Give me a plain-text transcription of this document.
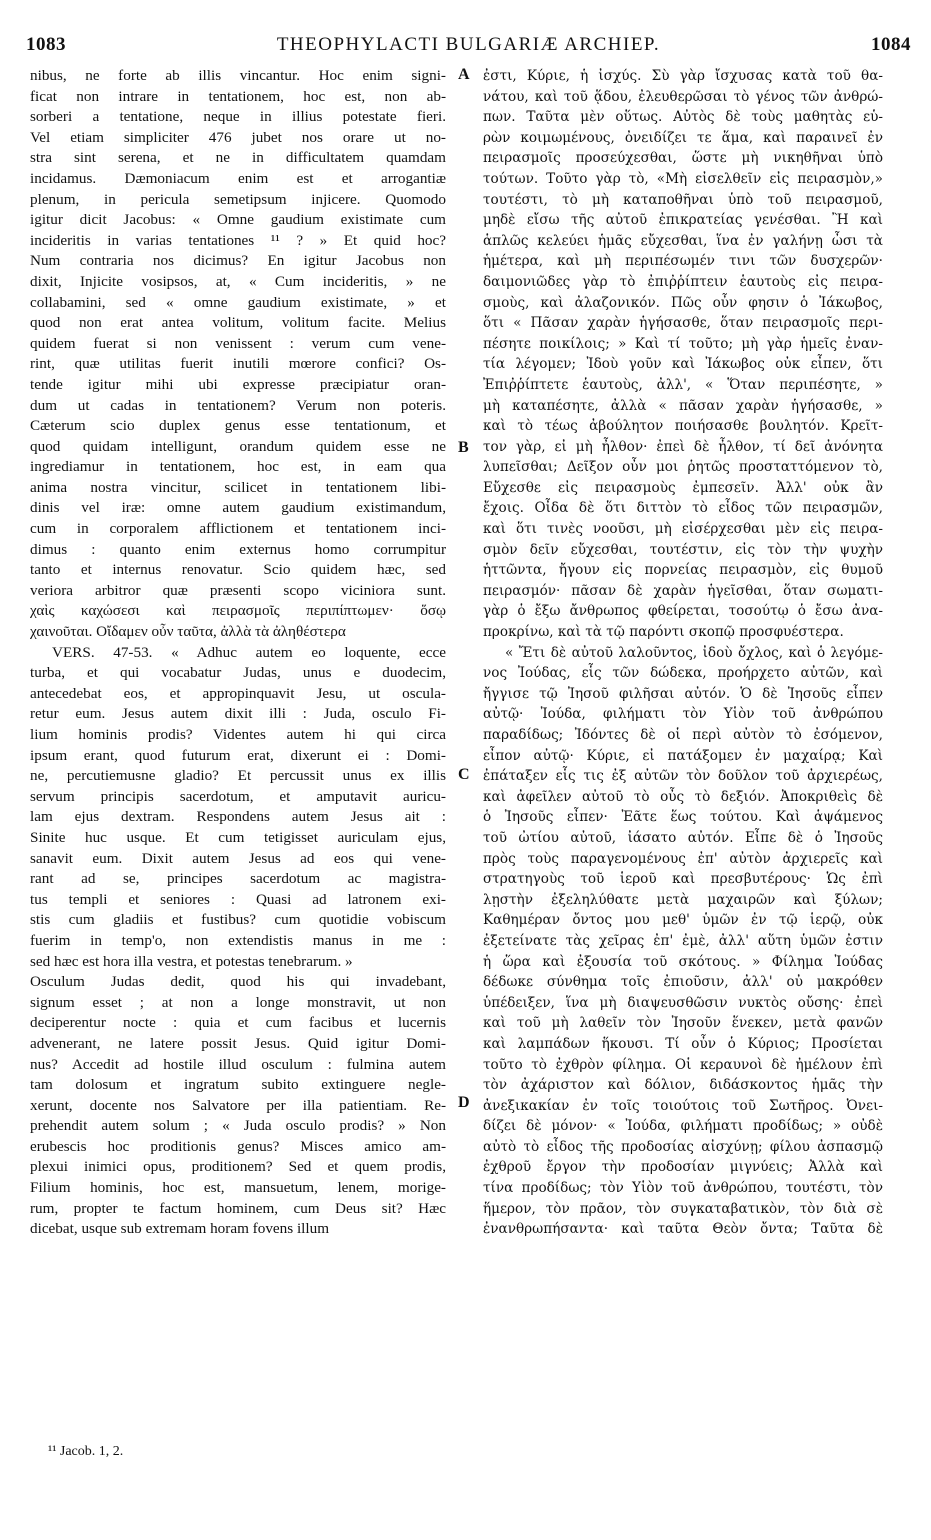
1083	THEOPHYLACTI BULGARIÆ ARCHIEP.	1084
nibus, ne forte ab illis vincantur. Hoc enim signi-
ficat non intrare in tentationem, hoc est, non ab-
sorberi a tentatione, neque in illius potestate fieri.
Vel etiam simpliciter 476 jubet nos orare ut no-
stra sint serena, et ne in difficultatem quamdam
incidamus. Dæmoniacum enim est et arrogantiæ
plenum, in pericula semetipsum injicere. Quomodo
igitur dicit Jacobus: « Omne gaudium existimate cum
incideritis in varias tentationes ¹¹ ? » Et quid hoc?
Num contraria nos dicimus? En igitur Jacobus non
dixit, Injicite vosipsos, at, « Cum incideritis, » ne
collabamini, sed « omne gaudium existimate, » et
quod non erat antea volitum, volitum facite. Melius
quidem fuerat si non venissent : verum cum vene-
rint, quæ utilitas fuerit inutili mœrore confici? Os-
tende igitur mihi ubi expresse præcipiatur oran-
dum ut cadas in tentationem? Verum non poteris.
Cæterum scio duplex genus esse tentationum, et
quod quidam intelligunt, orandum quidem esse ne
ingrediamur in tentationem, hoc est, in eam qua
anima nostra vincitur, scilicet in tentationem libi-
dinis vel iræ: omne autem gaudium existimandum,
cum in corporalem afflictionem et tentationem inci-
dimus : quanto enim externus homo corrumpitur
tanto et internus renovatur. Scio quidem hæc, sed
veriora arbitror quæ præsenti scopo viciniora sunt.
χαὶς καχώσεσι καὶ πειρασμοῖς περιπίπτωμεν· ὅσῳ
χαινοῦται. Οἴδαμεν οὖν ταῦτα, ἀλλὰ τὰ ἀληθέστερα
VERS. 47-53. « Adhuc autem eo loquente, ecce
turba, et qui vocabatur Judas, unus e duodecim,
antecedebat eos, et appropinquavit Jesu, ut oscula-
retur eum. Jesus autem dixit illi : Juda, osculo Fi-
lium hominis prodis? Videntes autem hi qui circa
ipsum erant, quod futurum erat, dixerunt ei : Domi-
ne, percutiemusne gladio? Et percussit unus ex illis
servum principis sacerdotum, et amputavit auricu-
lam ejus dextram. Respondens autem Jesus ait :
Sinite huc usque. Et cum tetigisset auriculam ejus,
sanavit eum. Dixit autem Jesus ad eos qui vene-
rant ad se, principes sacerdotum ac magistra-
tus templi et seniores : Quasi ad latronem exi-
stis cum gladiis et fustibus? cum quotidie vobiscum
fuerim in temp'o, non extendistis manus in me :
sed hæc est hora illa vestra, et potestas tenebrarum. »
Osculum Judas dedit, quod his qui invadebant,
signum esset ; at non a longe monstravit, ut non
deciperentur nocte : quia et cum facibus et lucernis
advenerant, ne latere possit Jesus. Quid igitur Domi-
nus? Accedit ad hostile illud osculum : fulmina autem
tam dolosum et ingratum subito extinguere negle-
xerunt, docente nos Salvatore per illa patientiam. Re-
prehendit autem solum ; « Juda osculo prodis? » Non
erubescis hoc proditionis genus? Misces amico am-
plexui inimici opus, proditionem? Sed et quem prodis,
Filium hominis, hoc est, mansuetum, lenem, morige-
rum, propter te factum hominem, cum Deus sit? Hæc
dicebat, usque sub extremam horam fovens illum
ἐστι, Κύριε, ἡ ἰσχύς. Σὺ γὰρ ἴσχυσας κατὰ τοῦ θα-
νάτου, καὶ τοῦ ᾅδου, ἐλευθερῶσαι τὸ γένος τῶν ἀνθρώ-
πων. Ταῦτα μὲν οὕτως. Αὐτὸς δὲ τοὺς μαθητὰς εὑ-
ρὼν κοιμωμένους, ὀνειδίζει τε ἅμα, καὶ παραινεῖ ἐν
πειρασμοῖς προσεύχεσθαι, ὥστε μὴ νικηθῆναι ὑπὸ
τούτων. Τοῦτο γὰρ τὸ, «Μὴ εἰσελθεῖν εἰς πειρασμὸν,»
τουτέστι, τὸ μὴ καταποθῆναι ὑπὸ τοῦ πειρασμοῦ,
μηδὲ εἴσω τῆς αὐτοῦ ἐπικρατείας γενέσθαι. Ἢ καὶ
ἁπλῶς κελεύει ἡμᾶς εὔχεσθαι, ἵνα ἐν γαλήνῃ ὦσι τὰ
ἡμέτερα, καὶ μὴ περιπέσωμέν τινι τῶν δυσχερῶν·
δαιμονιῶδες γὰρ τὸ ἐπιῤῥίπτειν ἑαυτοὺς εἰς πειρα-
σμοὺς, καὶ ἀλαζονικόν. Πῶς οὖν φησιν ὁ Ἰάκωβος,
ὅτι « Πᾶσαν χαρὰν ἡγήσασθε, ὅταν πειρασμοῖς περι-
πέσητε ποικίλοις; » Καὶ τί τοῦτο; μὴ γὰρ ἡμεῖς ἐναν-
τία λέγομεν; Ἰδοὺ γοῦν καὶ Ἰάκωβος οὐκ εἶπεν, ὅτι
Ἐπιῤῥίπτετε ἑαυτοὺς, ἀλλ', « Ὅταν περιπέσητε, »
μὴ καταπέσητε, ἀλλὰ « πᾶσαν χαρὰν ἡγήσασθε, »
καὶ τὸ τέως ἀβούλητον ποιήσασθε βουλητόν. Κρεῖτ-
τον γὰρ, εἰ μὴ ἦλθον· ἐπεὶ δὲ ἦλθον, τί δεῖ ἀνόνητα
λυπεῖσθαι; Δεῖξον οὖν μοι ῥητῶς προσταττόμενον τὸ,
Εὔχεσθε εἰς πειρασμοὺς ἐμπεσεῖν. Ἀλλ' οὐκ ἂν
ἔχοις. Οἶδα δὲ ὅτι διττὸν τὸ εἶδος τῶν πειρασμῶν,
καὶ ὅτι τινὲς νοοῦσι, μὴ εἰσέρχεσθαι μὲν εἰς πειρα-
σμὸν δεῖν εὔχεσθαι, τουτέστιν, εἰς τὸν τὴν ψυχὴν
ἡττῶντα, ἤγουν εἰς πορνείας πειρασμὸν, εἰς θυμοῦ
πειρασμόν· πᾶσαν δὲ χαρὰν ἡγεῖσθαι, ὅταν σωματι-
γὰρ ὁ ἔξω ἄνθρωπος φθείρεται, τοσούτῳ ὁ ἔσω ἀνα-
προκρίνω, καὶ τὰ τῷ παρόντι σκοπῷ προσφυέστερα.
« Ἔτι δὲ αὐτοῦ λαλοῦντος, ἰδοὺ ὄχλος, καὶ ὁ λεγόμε-
νος Ἰούδας, εἷς τῶν δώδεκα, προήρχετο αὐτῶν, καὶ
ἤγγισε τῷ Ἰησοῦ φιλῆσαι αὐτόν. Ὁ δὲ Ἰησοῦς εἶπεν
αὐτῷ· Ἰούδα, φιλήματι τὸν Υἱὸν τοῦ ἀνθρώπου
παραδίδως; Ἰδόντες δὲ οἱ περὶ αὐτὸν τὸ ἐσόμενον,
εἶπον αὐτῷ· Κύριε, εἰ πατάξομεν ἐν μαχαίρᾳ; Καὶ
ἐπάταξεν εἷς τις ἐξ αὐτῶν τὸν δοῦλον τοῦ ἀρχιερέως,
καὶ ἀφεῖλεν αὐτοῦ τὸ οὖς τὸ δεξιόν. Ἀποκριθεὶς δὲ
ὁ Ἰησοῦς εἶπεν· Ἐᾶτε ἕως τούτου. Καὶ ἁψάμενος
τοῦ ὠτίου αὐτοῦ, ἰάσατο αὐτόν. Εἶπε δὲ ὁ Ἰησοῦς
πρὸς τοὺς παραγενομένους ἐπ' αὐτὸν ἀρχιερεῖς καὶ
στρατηγοὺς τοῦ ἱεροῦ καὶ πρεσβυτέρους· Ὡς ἐπὶ
λῃστὴν ἐξεληλύθατε μετὰ μαχαιρῶν καὶ ξύλων;
Καθημέραν ὄντος μου μεθ' ὑμῶν ἐν τῷ ἱερῷ, οὐκ
ἐξετείνατε τὰς χεῖρας ἐπ' ἐμὲ, ἀλλ' αὕτη ὑμῶν ἐστιν
ἡ ὥρα καὶ ἐξουσία τοῦ σκότους. » Φίλημα Ἰούδας
δέδωκε σύνθημα τοῖς ἐπιοῦσιν, ἀλλ' οὐ μακρόθεν
ὑπέδειξεν, ἵνα μὴ διαψευσθῶσιν νυκτὸς οὔσης· ἐπεὶ
καὶ τοῦ μὴ λαθεῖν τὸν Ἰησοῦν ἕνεκεν, μετὰ φανῶν
καὶ λαμπάδων ἥκουσι. Τί οὖν ὁ Κύριος; Προσίεται
τοῦτο τὸ ἐχθρὸν φίλημα. Οἱ κεραυνοὶ δὲ ἠμέλουν ἐπὶ
τὸν ἀχάριστον καὶ δόλιον, διδάσκοντος ἡμᾶς τὴν
ἀνεξικακίαν ἐν τοῖς τοιούτοις τοῦ Σωτῆρος. Ὀνει-
δίζει δὲ μόνον· « Ἰούδα, φιλήματι προδίδως; » οὐδὲ
αὐτὸ τὸ εἶδος τῆς προδοσίας αἰσχύνῃ; φίλου ἀσπασμῷ
ἐχθροῦ ἔργον τὴν προδοσίαν μιγνύεις; Ἀλλὰ καὶ
τίνα προδίδως; τὸν Υἱὸν τοῦ ἀνθρώπου, τουτέστι, τὸν
ἥμερον, τὸν πρᾶον, τὸν συγκαταβατικὸν, τὸν διὰ σὲ
ἐνανθρωπήσαντα· καὶ ταῦτα Θεὸν ὄντα; Ταῦτα δὲ
A
B
C
D
¹¹ Jacob. 1, 2.
